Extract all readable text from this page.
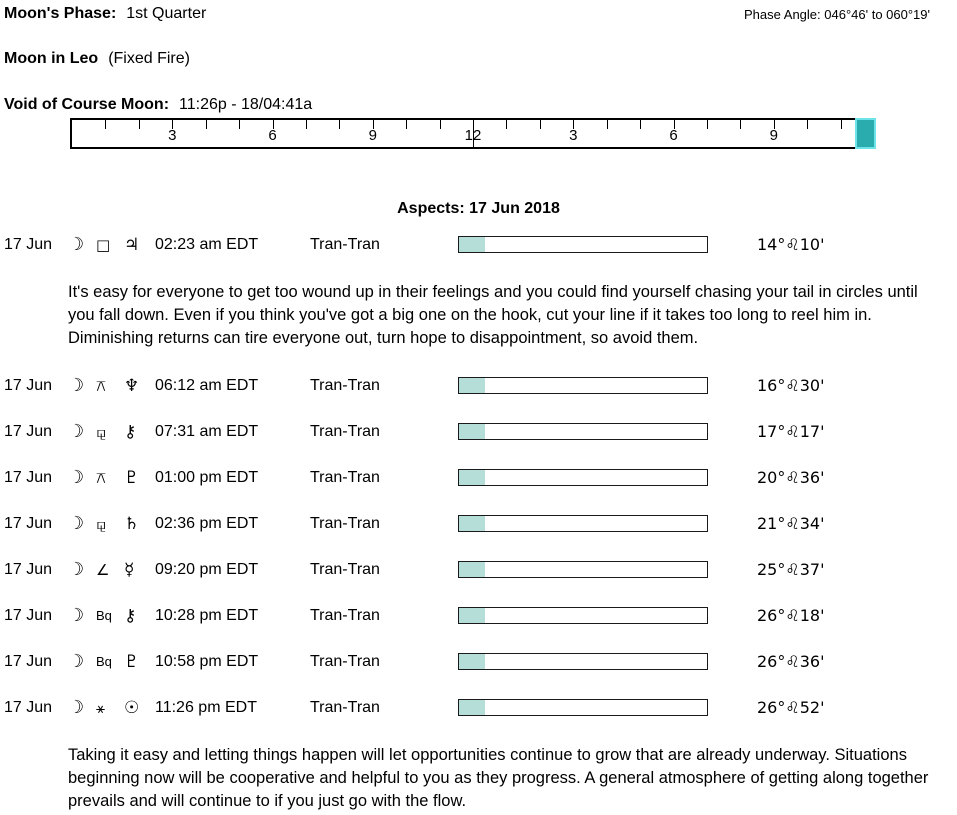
Moon's Phase: 1st Quarter	Phase Angle: 046°46' to 060°19'
Moon in Leo (Fixed Fire)
Void of Course Moon: 11:26p - 18/04:41a
3	6	9	12	3	6	9
Aspects: 17 Jun 2018
17 Jun ☽ □ ♃ 02:23 am EDT	Tran-Tran	14°♌10'
It's easy for everyone to get too wound up in their feelings and you could find yourself chasing your tail in circles until you fall down. Even if you think you've got a big one on the hook, cut your line if it takes too long to reel him in. Diminishing returns can tire everyone out, turn hope to disappointment, so avoid them.
17 Jun ☽ ⚻	♆ 06:12 am EDT	Tran-Tran	16°♌30'
17 Jun ☽ ⚼	⚷	07:31 am EDT	Tran-Tran	17°♌17'
17 Jun ☽ ⚻	♇ 01:00 pm EDT	Tran-Tran	20°♌36'
17 Jun ☽ ⚼	♄ 02:36 pm EDT	Tran-Tran	21°♌34'
17 Jun ☽ ∠ ☿	09:20 pm EDT	Tran-Tran	25°♌37'
17 Jun ☽ Bq ⚷	10:28 pm EDT	Tran-Tran	26°♌18'
17 Jun ☽ Bq ♇ 10:58 pm EDT	Tran-Tran	26°♌36'
17 Jun ☽ ⚹	☉ 11:26 pm EDT	Tran-Tran	26°♌52'
Taking it easy and letting things happen will let opportunities continue to grow that are already underway. Situations beginning now will be cooperative and helpful to you as they progress. A general atmosphere of getting along together prevails and will continue to if you just go with the flow.
